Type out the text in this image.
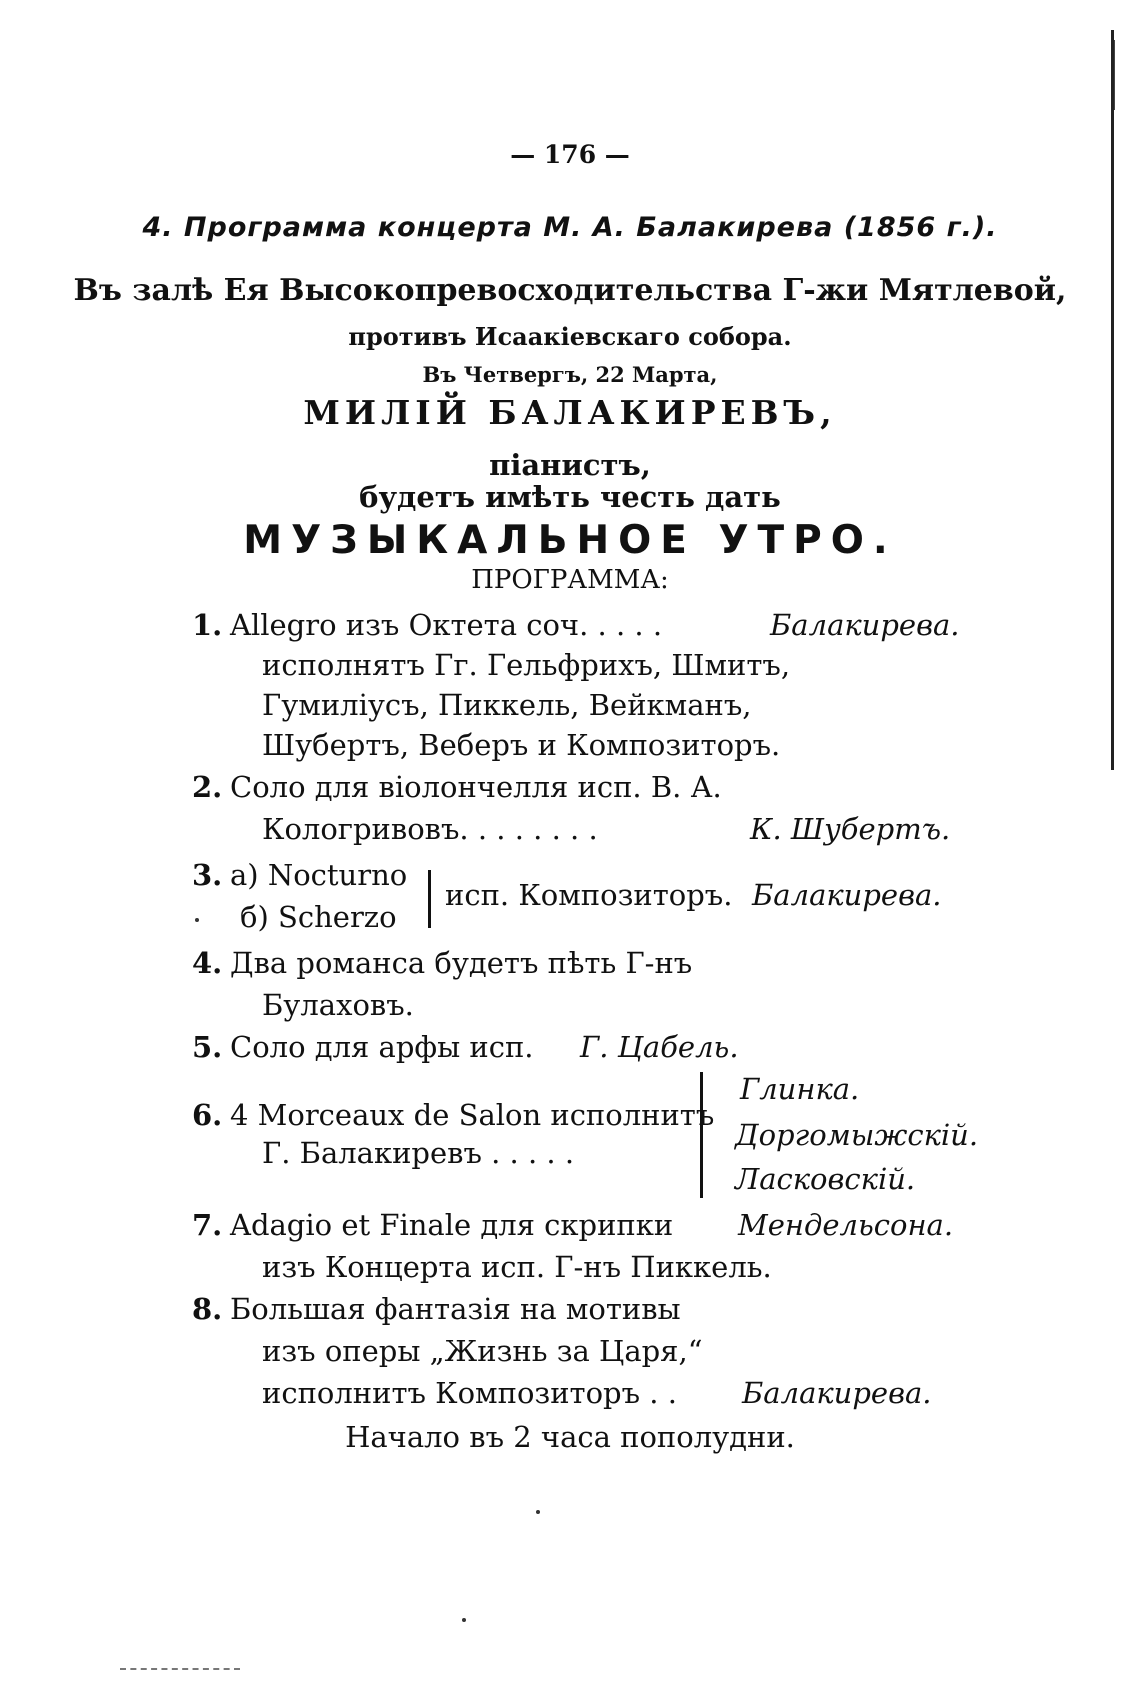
— 176 —
4. Программа концерта М. А. Балакирева (1856 г.).
Въ залѣ Ея Высокопревосходительства Г-жи Мятлевой,
противъ Исаакіевскаго собора.
Въ Четвергъ, 22 Марта,
МИЛІЙ БАЛАКИРЕВЪ,
піанистъ,
будетъ имѣть честь дать
МУЗЫКАЛЬНОЕ УТРО.
ПРОГРАММА:
1. Allegro изъ Октета соч. . . . .	Балакирева.
исполнятъ Гг. Гельфрихъ, Шмитъ,
Гумиліусъ, Пиккель, Вейкманъ,
Шубертъ, Веберъ и Композиторъ.
2. Соло для віолончелля исп. В. А.
Кологривовъ. . . . . . . .	К. Шубертъ.
3. а) Nocturno
б) Scherzo
исп. Композиторъ. Балакирева.
4. Два романса будетъ пѣть Г-нъ
Булаховъ.
5. Соло для арфы исп. Г. Цабель.
6. 4 Morceaux de Salon исполнитъ
Г. Балакиревъ . . . . .
Глинка.
Доргомыжскій.
Ласковскій.
7. Adagio et Finale для скрипки Мендельсона.
изъ Концерта исп. Г-нъ Пиккель.
8. Большая фантазія на мотивы
изъ оперы „Жизнь за Царя,“
исполнитъ Композиторъ . . Балакирева.
Начало въ 2 часа пополудни.
